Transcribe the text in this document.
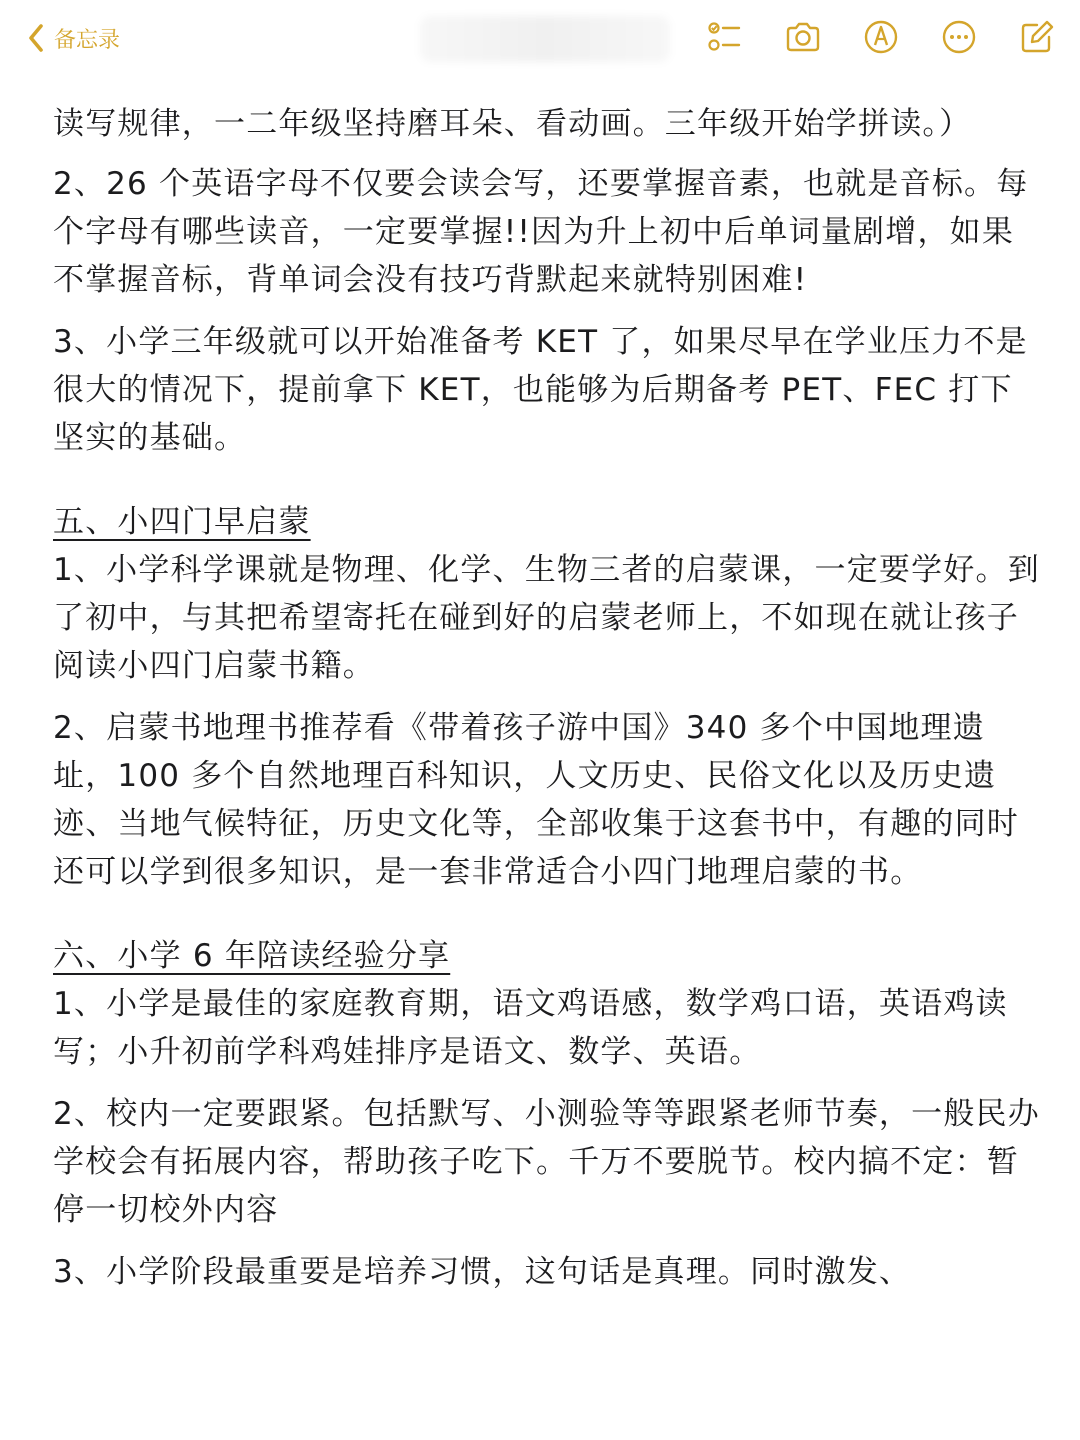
备忘录

读写规律，一二年级坚持磨耳朵、看动画。三年级开始学拼读。）

2、26 个英语字母不仅要会读会写，还要掌握音素，也就是音标。每个字母有哪些读音，一定要掌握!!因为升上初中后单词量剧增，如果不掌握音标，背单词会没有技巧背默起来就特别困难!

3、小学三年级就可以开始准备考 KET 了，如果尽早在学业压力不是很大的情况下，提前拿下 KET，也能够为后期备考 PET、FEC 打下坚实的基础。

五、小四门早启蒙

1、小学科学课就是物理、化学、生物三者的启蒙课，一定要学好。到了初中，与其把希望寄托在碰到好的启蒙老师上，不如现在就让孩子阅读小四门启蒙书籍。

2、启蒙书地理书推荐看《带着孩子游中国》340 多个中国地理遗址，100 多个自然地理百科知识，人文历史、民俗文化以及历史遗迹、当地气候特征，历史文化等，全部收集于这套书中，有趣的同时还可以学到很多知识，是一套非常适合小四门地理启蒙的书。

六、小学 6 年陪读经验分享

1、小学是最佳的家庭教育期，语文鸡语感，数学鸡口语，英语鸡读写；小升初前学科鸡娃排序是语文、数学、英语。

2、校内一定要跟紧。包括默写、小测验等等跟紧老师节奏，一般民办学校会有拓展内容，帮助孩子吃下。千万不要脱节。校内搞不定：暂停一切校外内容

3、小学阶段最重要是培养习惯，这句话是真理。同时激发、
